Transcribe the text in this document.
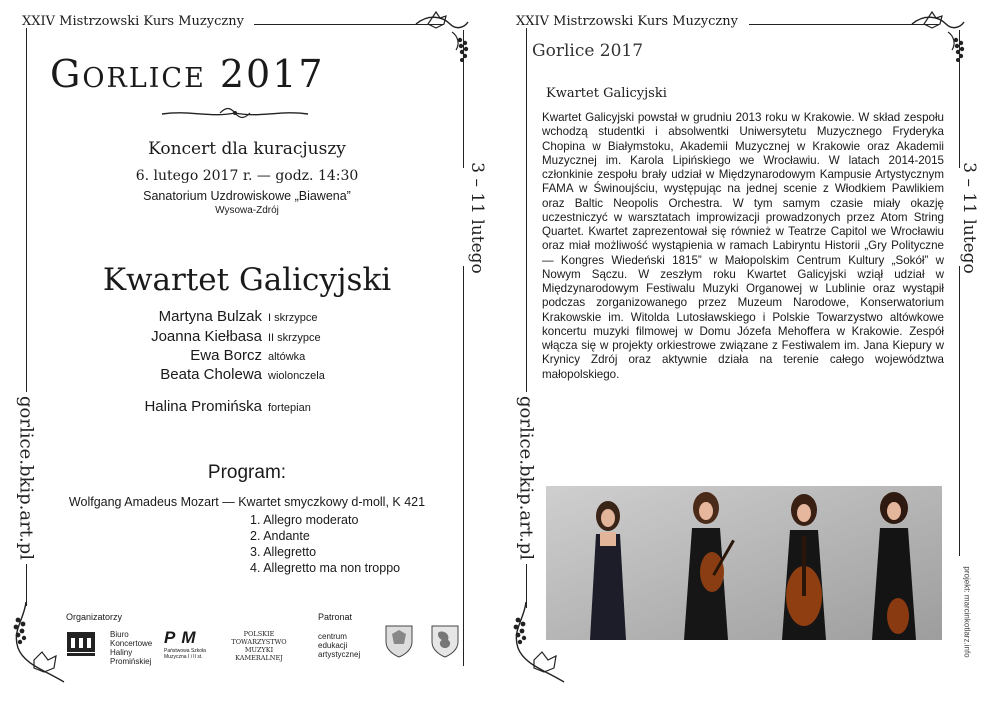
XXIV Mistrzowski Kurs Muzyczny
Gorlice 2017
Koncert dla kuracjuszy
6. lutego 2017 r. — godz. 14:30
Sanatorium Uzdrowiskowe „Biawena”
Wysowa-Zdrój
Kwartet Galicyjski
Martyna Bulzak I skrzypce
Joanna Kiełbasa II skrzypce
Ewa Borcz altówka
Beata Cholewa wiolonczela
Halina Promińska fortepian
Program:
Wolfgang Amadeus Mozart — Kwartet smyczkowy d-moll, K 421
1. Allegro moderato
2. Andante
3. Allegretto
4. Allegretto ma non troppo
3 – 11 lutego
gorlice.bkip.art.pl
Organizatorzy	Patronat
Biuro
Koncertowe
Haliny
Promińskiej
P M
Państwowa Szkoła Muzyczna I i II st.
POLSKIE
TOWARZYSTWO
MUZYKI
KAMERALNEJ
centrum
edukacji
artystycznej
XXIV Mistrzowski Kurs Muzyczny
Gorlice 2017
Kwartet Galicyjski
3 – 11 lutego
gorlice.bkip.art.pl
projekt: marcinkotlarz.info

Kwartet Galicyjski powstał w grudniu 2013 roku w Krakowie. W skład zespołu wchodzą studentki i absolwentki Uniwersytetu Muzycznego Fryderyka Chopina w Białymstoku, Akademii Muzycznej w Krakowie oraz Akademii Muzycznej im. Karola Lipińskiego we Wrocławiu. W latach 2014-2015 członkinie zespołu brały udział w Międzynarodowym Kampusie Artystycznym FAMA w Świnoujściu, występując na jednej scenie z Włodkiem Pawlikiem oraz Baltic Neopolis Orchestra. W tym samym czasie miały okazję uczestniczyć w warsztatach improwizacji prowadzonych przez Atom String Quartet. Kwartet zaprezentował się również w Teatrze Capitol we Wrocławiu oraz miał możliwość wystąpienia w ramach Labiryntu Historii „Gry Polityczne — Kongres Wiedeński 1815” w Małopolskim Centrum Kultury „Sokół” w Nowym Sączu. W zeszłym roku Kwartet Galicyjski wziął udział w Międzynarodowym Festiwalu Muzyki Organowej w Lublinie oraz wystąpił podczas zorganizowanego przez Muzeum Narodowe, Konserwatorium Krakowskie im. Witolda Lutosławskiego i Polskie Towarzystwo altówkowe koncertu muzyki filmowej w Domu Józefa Mehoffera w Krakowie. Zespół włącza się w projekty orkiestrowe związane z Festiwalem im. Jana Kiepury w Krynicy Zdrój oraz aktywnie działa na terenie całego województwa małopolskiego.
